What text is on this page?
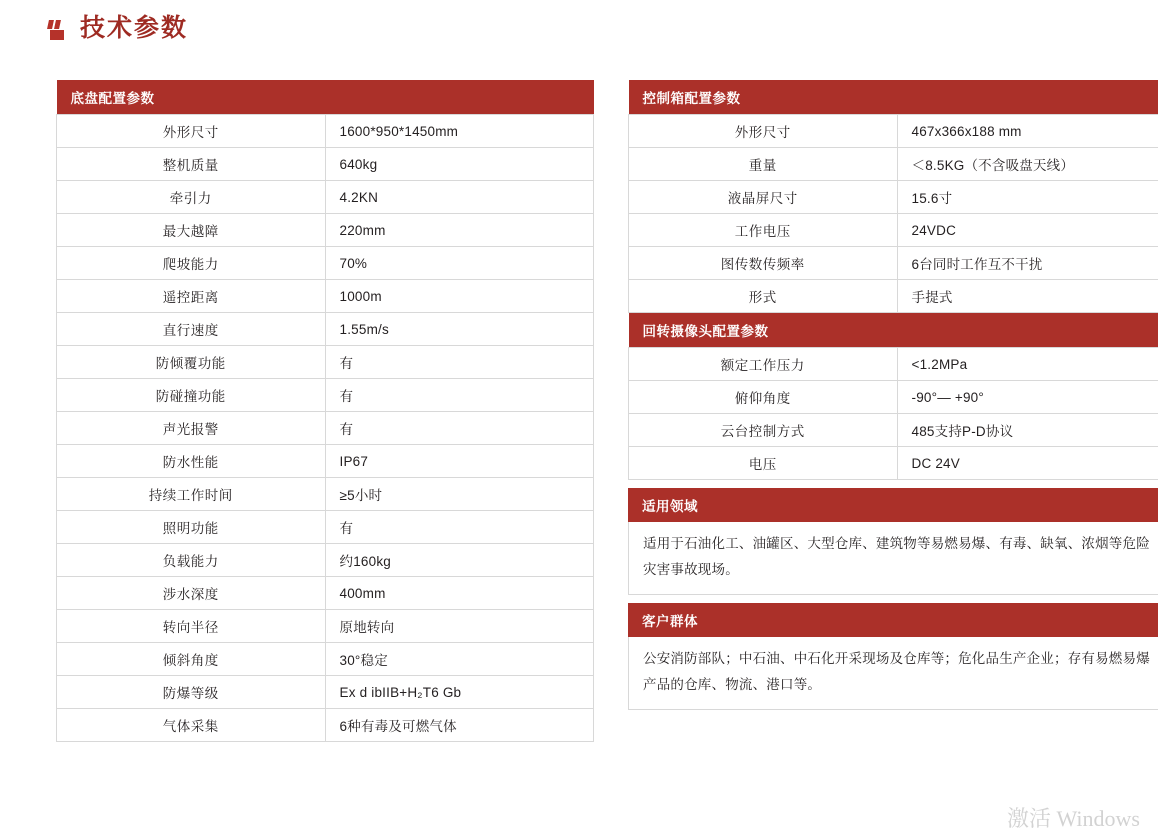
技术参数
底盘配置参数	
外形尺寸	1600*950*1450mm
整机质量	640kg
牵引力	4.2KN
最大越障	220mm
爬坡能力	70%
遥控距离	1000m
直行速度	1.55m/s
防倾覆功能	有
防碰撞功能	有
声光报警	有
防水性能	IP67
持续工作时间	≥5小时
照明功能	有
负载能力	约160kg
涉水深度	400mm
转向半径	原地转向
倾斜角度	30°稳定
防爆等级	Ex d ibIIB+H₂T6 Gb
气体采集	6种有毒及可燃气体
控制箱配置参数	
外形尺寸	467x366x188 mm
重量	＜8.5KG（不含吸盘天线）
液晶屏尺寸	15.6寸
工作电压	24VDC
图传数传频率	6台同时工作互不干扰
形式	手提式
回转摄像头配置参数	
额定工作压力	<1.2MPa
俯仰角度	-90°— +90°
云台控制方式	485支持P-D协议
电压	DC 24V
适用领域
适用于石油化工、油罐区、大型仓库、建筑物等易燃易爆、有毒、缺氧、浓烟等危险灾害事故现场。
客户群体
公安消防部队；中石油、中石化开采现场及仓库等；危化品生产企业；存有易燃易爆产品的仓库、物流、港口等。
激活 Windows
